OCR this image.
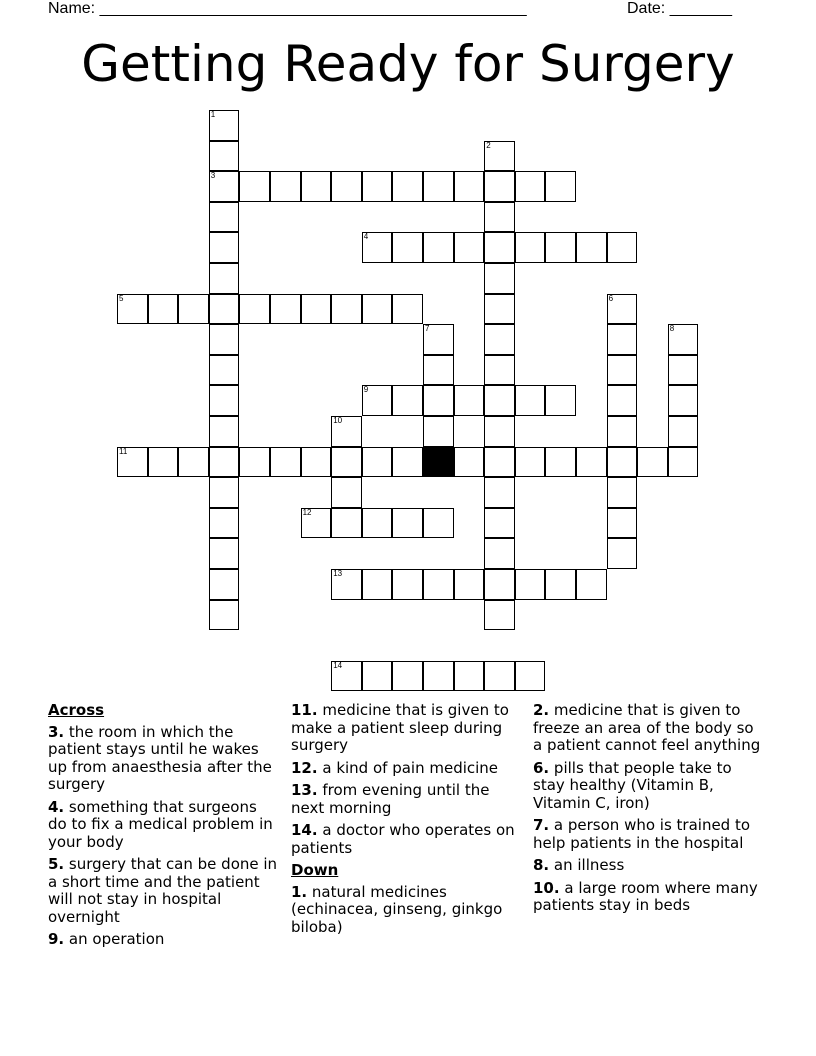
Name: ________________________________________________	Date: _______
Getting Ready for Surgery
1
3
2
4
5	6
7	8
9
10
11
12
13
14
Across
3. the room in which the patient stays until he wakes up from anaesthesia after the surgery
4. something that surgeons do to fix a medical problem in your body
5. surgery that can be done in a short time and the patient will not stay in hospital overnight
9. an operation
11. medicine that is given to make a patient sleep during surgery
12. a kind of pain medicine
13. from evening until the next morning
14. a doctor who operates on patients
Down
1. natural medicines (echinacea, ginseng, ginkgo biloba)
2. medicine that is given to freeze an area of the body so a patient cannot feel anything
6. pills that people take to stay healthy (Vitamin B, Vitamin C, iron)
7. a person who is trained to help patients in the hospital
8. an illness
10. a large room where many patients stay in beds
